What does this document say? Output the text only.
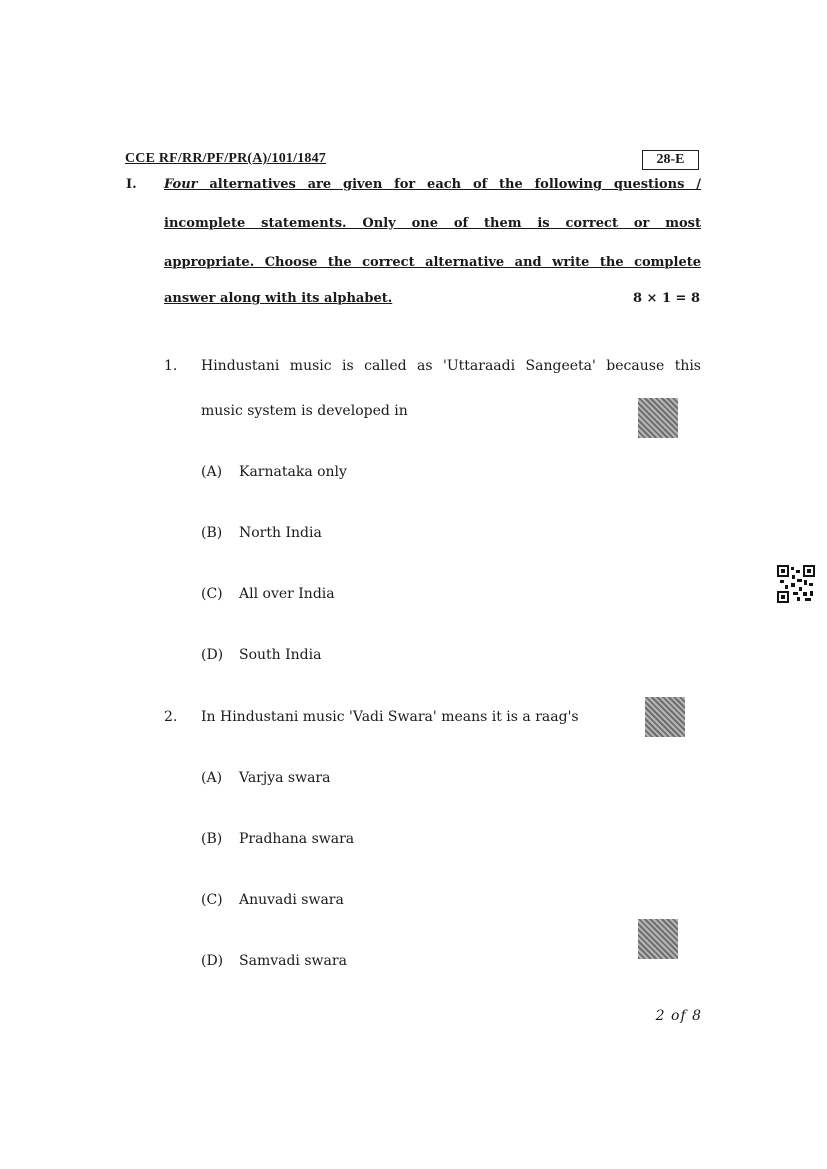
CCE RF/RR/PF/PR(A)/101/1847	28-E
I. Four alternatives are given for each of the following questions /
incomplete statements. Only one of them is correct or most
appropriate. Choose the correct alternative and write the complete
answer along with its alphabet.	8 × 1 = 8
1. Hindustani music is called as 'Uttaraadi Sangeeta' because this
music system is developed in
(A) Karnataka only
(B) North India
(C) All over India
(D) South India
2. In Hindustani music 'Vadi Swara' means it is a raag's
(A) Varjya swara
(B) Pradhana swara
(C) Anuvadi swara
(D) Samvadi swara
2 of 8
